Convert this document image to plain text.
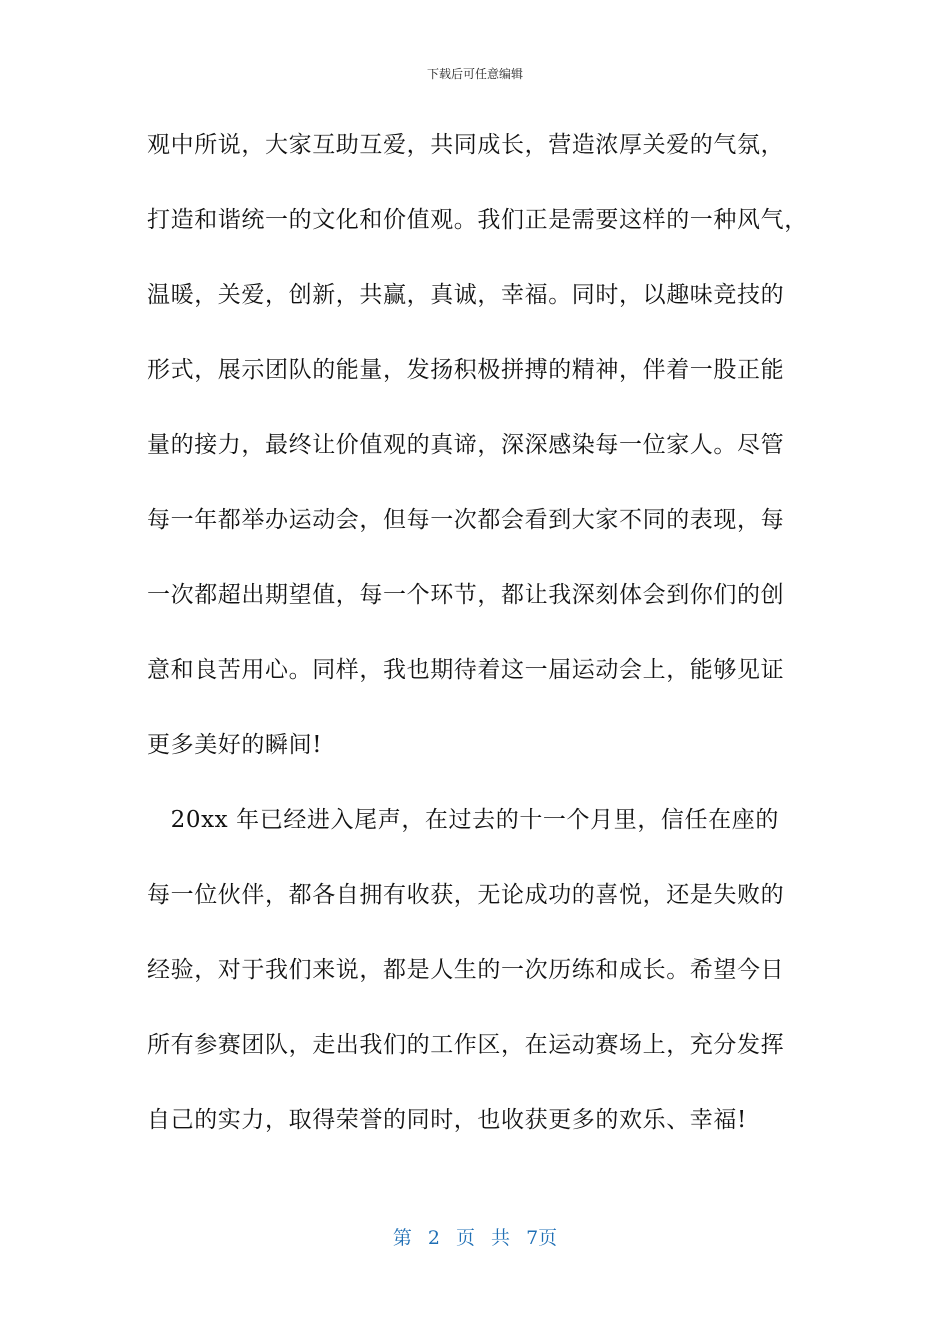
下载后可任意编辑
观中所说，大家互助互爱，共同成长，营造浓厚关爱的气氛，
打造和谐统一的文化和价值观。我们正是需要这样的一种风气，
温暖，关爱，创新，共赢，真诚，幸福。同时，以趣味竞技的
形式，展示团队的能量，发扬积极拼搏的精神，伴着一股正能
量的接力，最终让价值观的真谛，深深感染每一位家人。尽管
每一年都举办运动会，但每一次都会看到大家不同的表现，每
一次都超出期望值，每一个环节，都让我深刻体会到你们的创
意和良苦用心。同样，我也期待着这一届运动会上，能够见证
更多美好的瞬间!
　20xx 年已经进入尾声，在过去的十一个月里，信任在座的
每一位伙伴，都各自拥有收获，无论成功的喜悦，还是失败的
经验，对于我们来说，都是人生的一次历练和成长。希望今日
所有参赛团队，走出我们的工作区，在运动赛场上，充分发挥
自己的实力，取得荣誉的同时，也收获更多的欢乐、幸福!
第 2 页 共 7页
